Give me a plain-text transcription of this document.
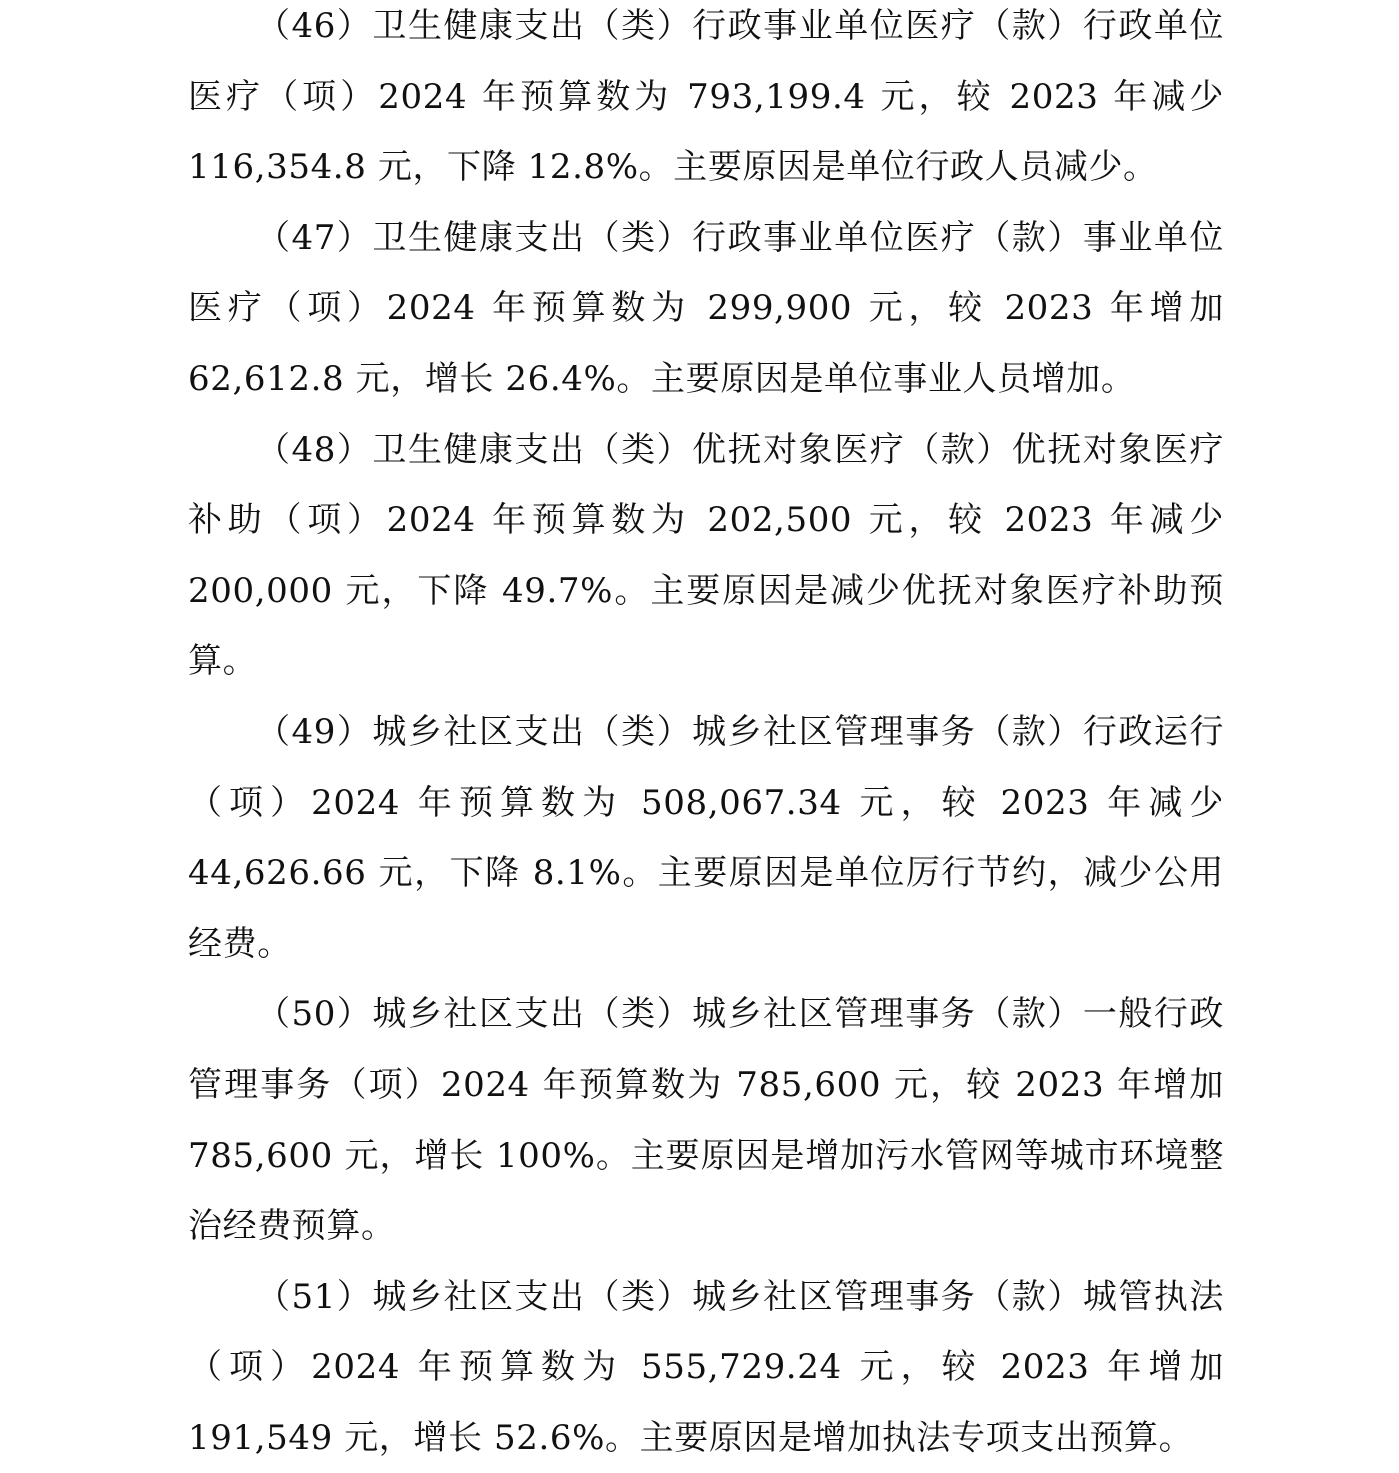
（46）卫生健康支出（类）行政事业单位医疗（款）行政单位医疗（项）2024 年预算数为 793,199.4 元，较 2023 年减少 116,354.8 元，下降 12.8%。主要原因是单位行政人员减少。

（47）卫生健康支出（类）行政事业单位医疗（款）事业单位医疗（项）2024 年预算数为 299,900 元，较 2023 年增加 62,612.8 元，增长 26.4%。主要原因是单位事业人员增加。

（48）卫生健康支出（类）优抚对象医疗（款）优抚对象医疗补助（项）2024 年预算数为 202,500 元，较 2023 年减少 200,000 元，下降 49.7%。主要原因是减少优抚对象医疗补助预算。

（49）城乡社区支出（类）城乡社区管理事务（款）行政运行（项）2024 年预算数为 508,067.34 元，较 2023 年减少 44,626.66 元，下降 8.1%。主要原因是单位厉行节约，减少公用经费。

（50）城乡社区支出（类）城乡社区管理事务（款）一般行政管理事务（项）2024 年预算数为 785,600 元，较 2023 年增加 785,600 元，增长 100%。主要原因是增加污水管网等城市环境整治经费预算。

（51）城乡社区支出（类）城乡社区管理事务（款）城管执法（项）2024 年预算数为 555,729.24 元，较 2023 年增加 191,549 元，增长 52.6%。主要原因是增加执法专项支出预算。
